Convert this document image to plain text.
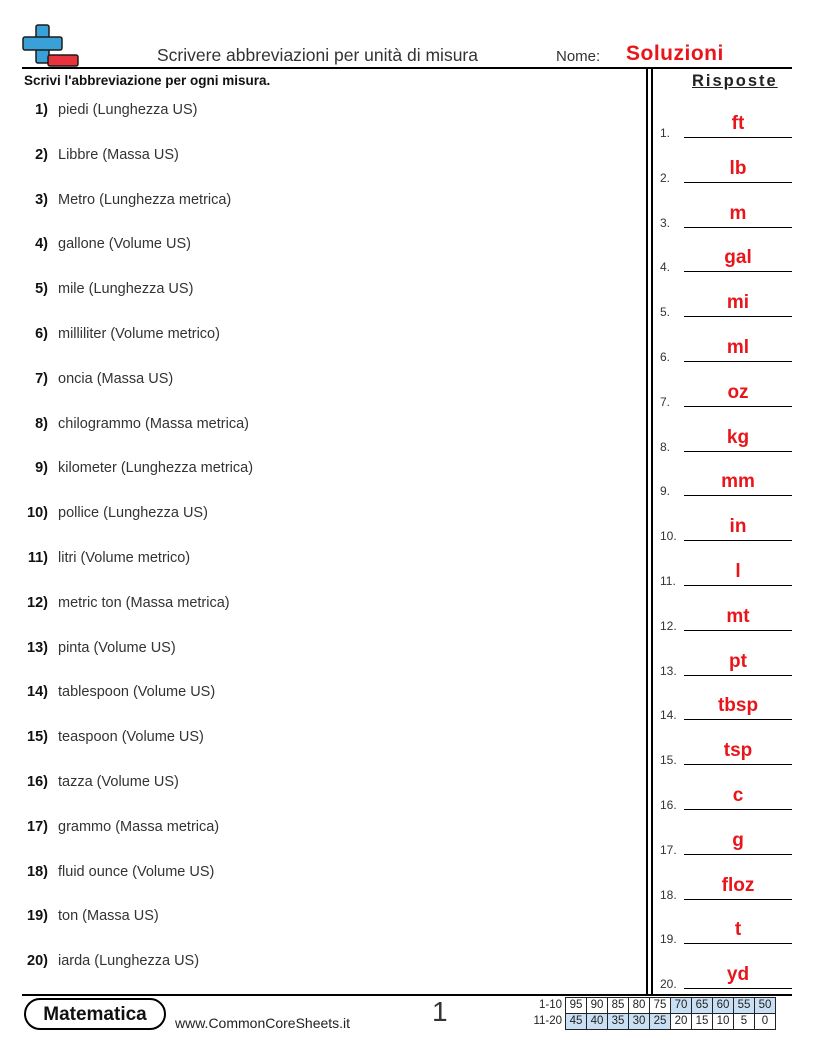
Scrivere abbreviazioni per unità di misura	Nome: Soluzioni
Scrivi l'abbreviazione per ogni misura.	Risposte
1) piedi (Lunghezza US)
2) Libbre (Massa US)
3) Metro (Lunghezza metrica)
4) gallone (Volume US)
5) mile (Lunghezza US)
6) milliliter (Volume metrico)
7) oncia (Massa US)
8) chilogrammo (Massa metrica)
9) kilometer (Lunghezza metrica)
10) pollice (Lunghezza US)
11) litri (Volume metrico)
12) metric ton (Massa metrica)
13) pinta (Volume US)
14) tablespoon (Volume US)
15) teaspoon (Volume US)
16) tazza (Volume US)
17) grammo (Massa metrica)
18) fluid ounce (Volume US)
19) ton (Massa US)
20) iarda (Lunghezza US)
1.	ft
2.	lb
3.	m
4.	gal
5.	mi
6.	ml
7.	oz
8.	kg
9.	mm
10.	in
11.	l
12.	mt
13.	pt
14.	tbsp
15.	tsp
16.	c
17.	g
18.	floz
19.	t
20.	yd
Matematica	www.CommonCoreSheets.it	1	1-10	95	90	85	80	75	70	65	60	55	50
11-20	45	40	35	30	25	20	15	10	5	0
